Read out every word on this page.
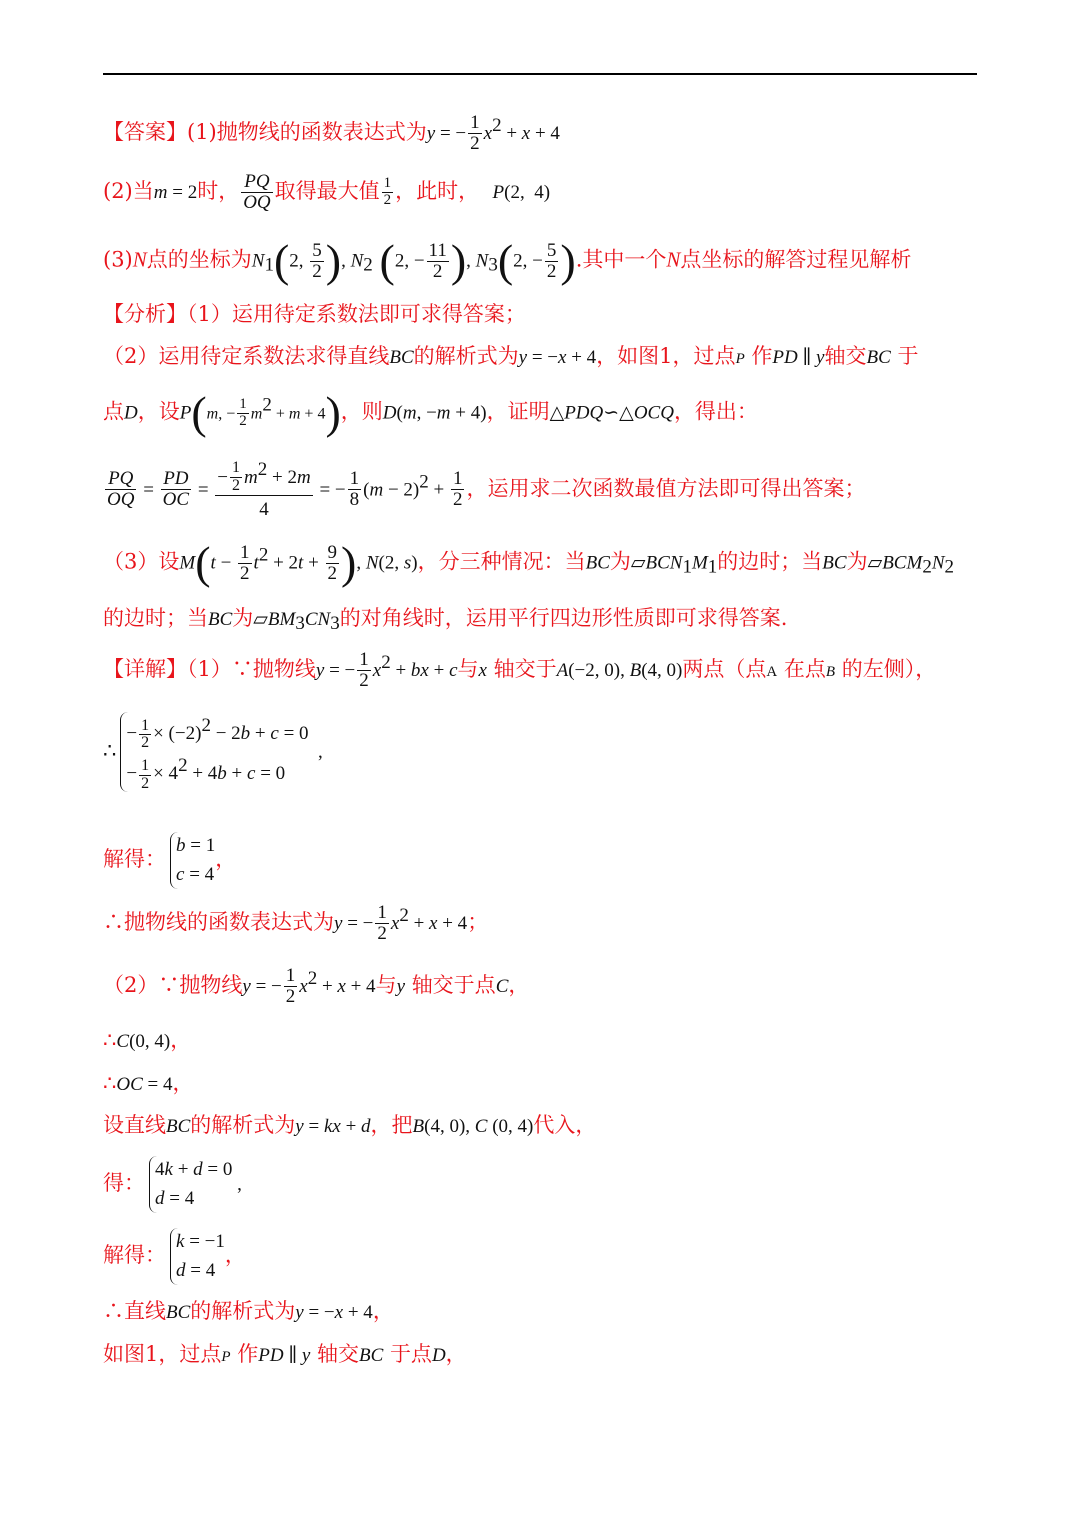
【答案】(1)抛物线的函数表达式为y = − $\frac{1}{2} x^2 + x + 4$
(2)当m = 2时， $\frac{PQ}{OQ}$ 取得最大值 $\frac{1}{2}$ ，此时， P(2,  4)
(3)N点的坐标为$N_1(2$, $\frac{5}{2}$ ), $N_2$ (2, − $\frac{11}{2}$ ), $N_3(2$, − $\frac{5}{2}$ ).其中一个N点坐标的解答过程见解析
【分析】（1）运用待定系数法即可求得答案；
（2）运用待定系数法求得直线BC的解析式为y = −x + 4，如图1，过点P 作PD ∥ y轴交BC 于
点D，设P(m, − $\frac{1}{2} m^2 + m + 4$)，则D(m, −m + 4)，证明△PDQ∽△OCQ，得出：
$\frac{PQ}{OQ} = \frac{PD}{OC} = \frac{- \frac{1}{2} m^2 + 2m}{4}$ = − $\frac{1}{8} (m - 2)^2 + \frac{1}{2}$ ，运用求二次函数最值方法即可得出答案；
（3）设$M(t - \frac{1}{2} t^2 + 2t + \frac{9}{2}$ ), N(2, s)，分三种情况：当BC为$▱BCN_1M_1$的边时；当BC为$▱BCM_2N_2$
的边时；当BC为$▱BM_3CN_3$的对角线时，运用平行四边形性质即可求得答案.
【详解】（1）∵抛物线y = − $\frac{1}{2} x^2$ + bx + c与x 轴交于A(−2, 0), B(4, 0)两点（点A 在点B 的左侧），
∴
− $\frac{1}{2} \times (-2)^2 - 2b + c = 0$
− $\frac{1}{2} \times 4^2 + 4b + c = 0$
,
解得：
b = 1
c = 4
，
∴抛物线的函数表达式为y = − $\frac{1}{2} x^2 + x + 4$；
（2）∵抛物线y = − $\frac{1}{2} x^2 + x + 4$与y 轴交于点C，
∴C(0, 4)，
∴OC = 4，
设直线BC的解析式为y = kx + d，把B(4, 0), C (0, 4)代入，
得：
4k + d = 0
d = 4
,
解得：
k = −1
d = 4
，
∴直线BC的解析式为y = −x + 4，
如图1，过点P 作PD ∥ y 轴交BC 于点D，
